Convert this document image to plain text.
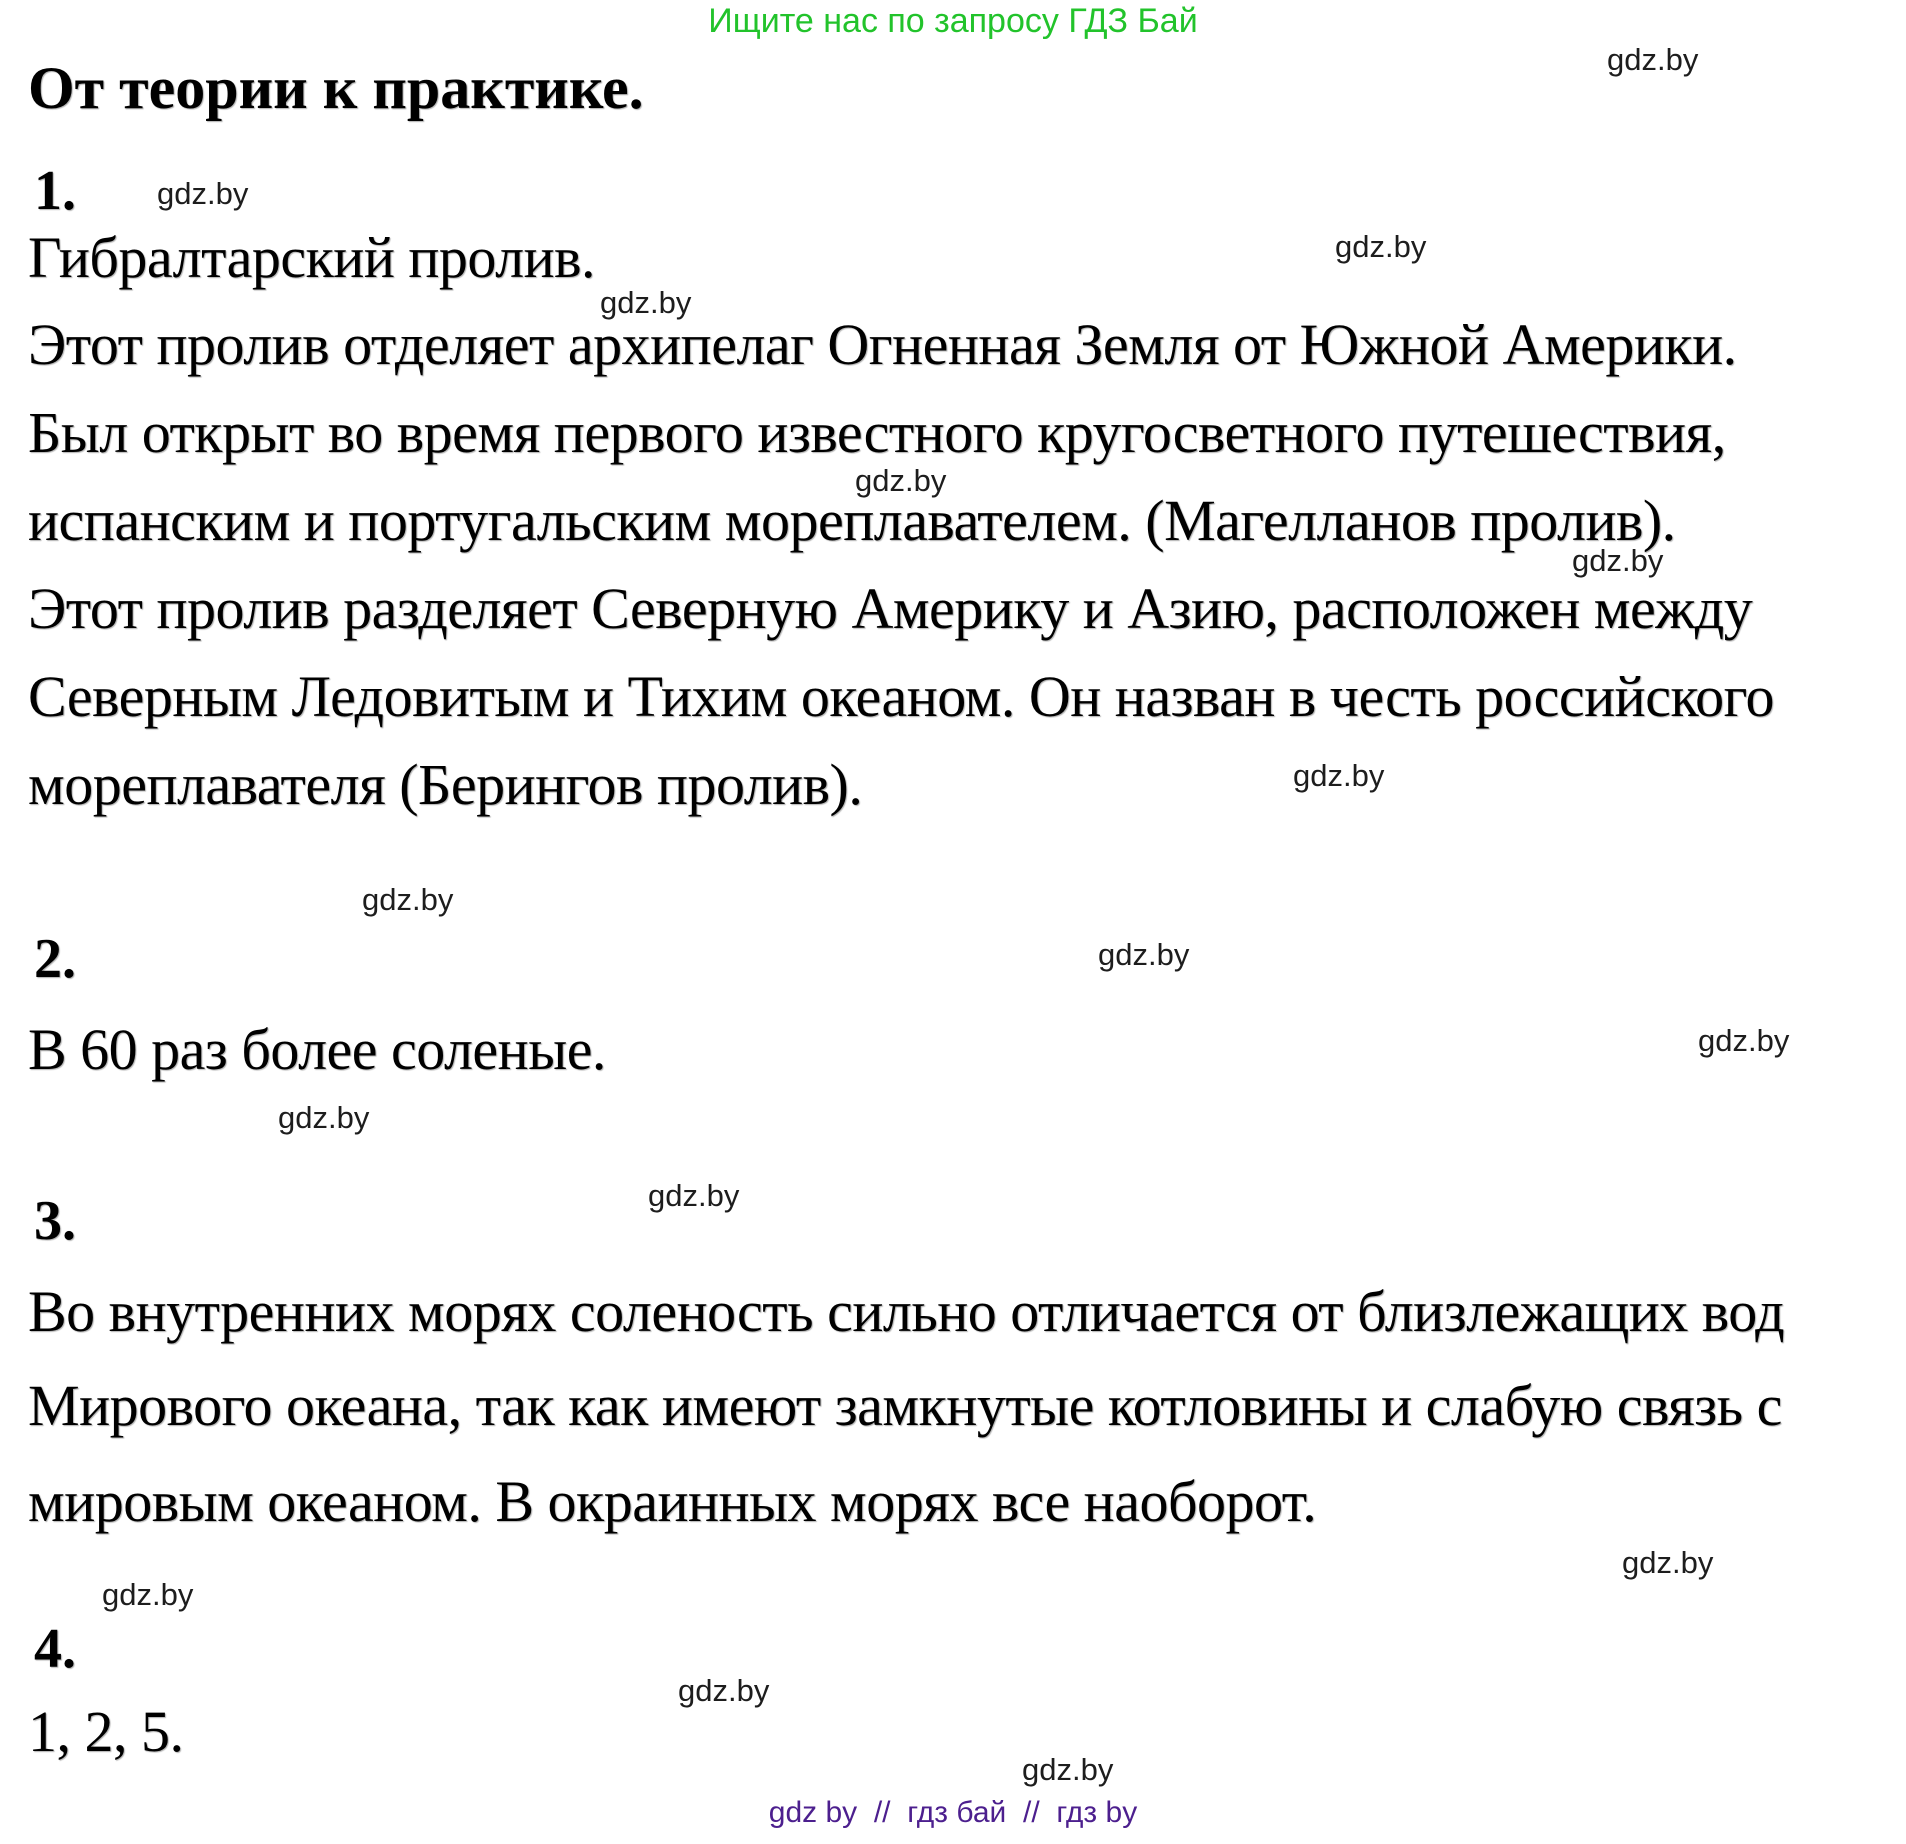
Ищите нас по запросу ГДЗ Бай
gdz.by
gdz.by
gdz.by
gdz.by
gdz.by
gdz.by
gdz.by
gdz.by
gdz.by
gdz.by
gdz.by
gdz.by
gdz.by
gdz.by
gdz.by
gdz.by
От теории к практике.
1.
Гибралтарский пролив.
Этот пролив отделяет архипелаг Огненная Земля от Южной Америки.
Был открыт во время первого известного кругосветного путешествия,
испанским и португальским мореплавателем. (Магелланов пролив).
Этот пролив разделяет Северную Америку и Азию, расположен между
Северным Ледовитым и Тихим океаном. Он назван в честь российского
мореплавателя (Берингов пролив).
2.
В 60 раз более соленые.
3.
Во внутренних морях соленость сильно отличается от близлежащих вод
Мирового океана, так как имеют замкнутые котловины и слабую связь с
мировым океаном. В окраинных морях все наоборот.
4.
1, 2, 5.
gdz by  //  гдз бай  //  гдз by
